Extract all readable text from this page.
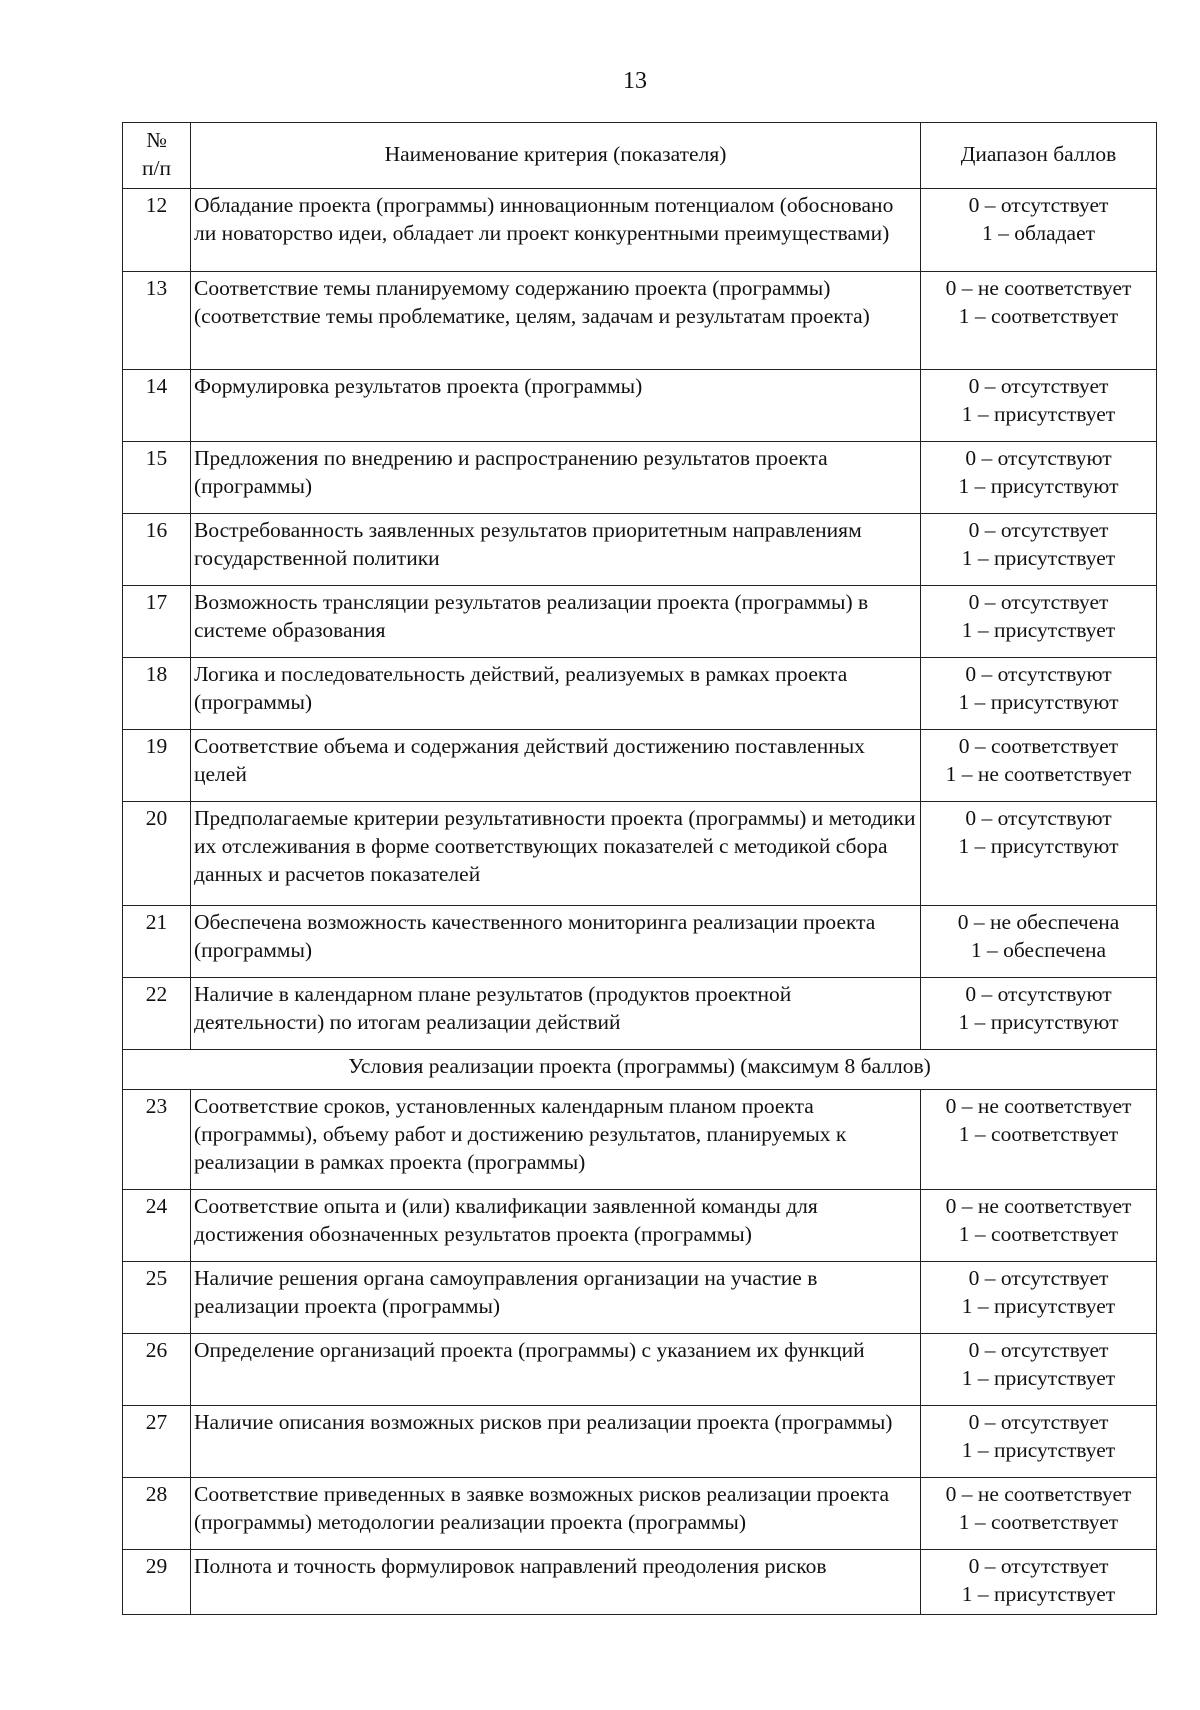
13
№
п/п	Наименование критерия (показателя)	Диапазон баллов
12	Обладание проекта (программы) инновационным потенциалом (обосновано ли новаторство идеи, обладает ли проект конкурентными преимуществами)	0 – отсутствует
1 – обладает

13	Соответствие темы планируемому содержанию проекта (программы) (соответствие темы проблематике, целям, задачам и результатам проекта)	0 – не соответствует
1 – соответствует

14	Формулировка результатов проекта (программы)	0 – отсутствует
1 – присутствует

15	Предложения по внедрению и распространению результатов проекта (программы)	0 – отсутствуют
1 – присутствуют

16	Востребованность заявленных результатов приоритетным направлениям государственной политики	0 – отсутствует
1 – присутствует

17	Возможность трансляции результатов реализации проекта (программы) в системе образования	0 – отсутствует
1 – присутствует

18	Логика и последовательность действий, реализуемых в рамках проекта (программы)	0 – отсутствуют
1 – присутствуют

19	Соответствие объема и содержания действий достижению поставленных целей	0 – соответствует
1 – не соответствует

20	Предполагаемые критерии результативности проекта (программы) и методики их отслеживания в форме соответствующих показателей с методикой сбора данных и расчетов показателей	0 – отсутствуют
1 – присутствуют

21	Обеспечена возможность качественного мониторинга реализации проекта (программы)	0 – не обеспечена
1 – обеспечена

22	Наличие в календарном плане результатов (продуктов проектной деятельности) по итогам реализации действий	0 – отсутствуют
1 – присутствуют

Условия реализации проекта (программы) (максимум 8 баллов)		
23	Соответствие сроков, установленных календарным планом проекта (программы), объему работ и достижению результатов, планируемых к реализации в рамках проекта (программы)	0 – не соответствует
1 – соответствует

24	Соответствие опыта и (или) квалификации заявленной команды для достижения обозначенных результатов проекта (программы)	0 – не соответствует
1 – соответствует

25	Наличие решения органа самоуправления организации на участие в реализации проекта (программы)	0 – отсутствует
1 – присутствует

26	Определение организаций проекта (программы) с указанием их функций	0 – отсутствует
1 – присутствует

27	Наличие описания возможных рисков при реализации проекта (программы)	0 – отсутствует
1 – присутствует

28	Соответствие приведенных в заявке возможных рисков реализации проекта (программы) методологии реализации проекта (программы)	0 – не соответствует
1 – соответствует

29	Полнота и точность формулировок направлений преодоления рисков	0 – отсутствует
1 – присутствует
